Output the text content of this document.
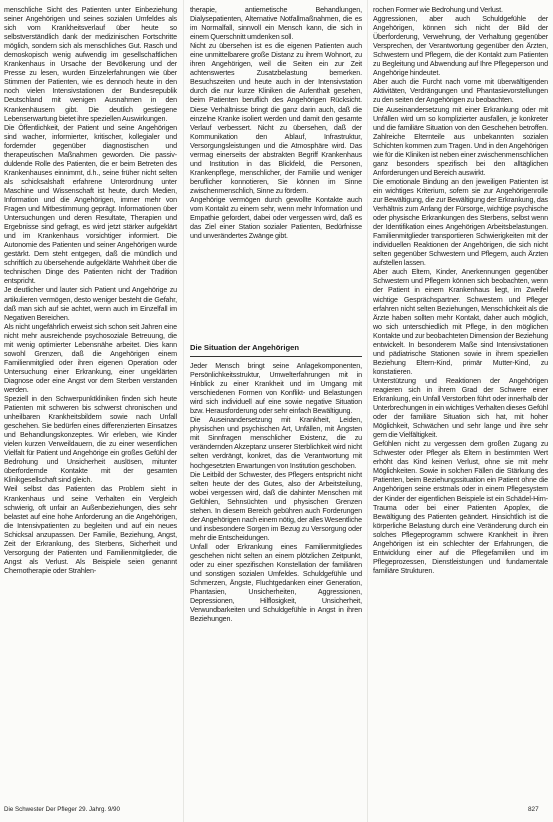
menschliche Sicht des Patienten unter Einbeziehung seiner Angehörigen und seines sozialen Umfeldes als sich vom Krankheitsverlauf über heute so selbstverständlich dank der medizinischen Fortschritte möglich, sondern sich als menschliches Gut. Rasch und demoskopisch wenig aufwendig im gesellschaftlichen Krankenhaus in Ursache der Bevölkerung und der Presse zu lesen, wurden Einzelerfahrungen wie über Stimmen der Patienten, wie es dennoch heute in den noch vielen Intensivstationen der Bundesrepublik Deutschland mit wenigen Ausnahmen in den Krankenhäusern gibt. Die deutlich gestiegene Lebenserwartung bietet ihre speziellen Auswirkungen.

Die Öffentlichkeit, der Patient und seine Angehörigen sind wacher, informierter, kritischer, kollegialer und fordernder gegenüber diagnostischen und therapeutischen Maßnahmen geworden. Die passiv-duldende Rolle des Patienten, die er beim Betreten des Krankenhauses einnimmt, d.h., seine früher nicht selten als schicksalshaft erfahrene Unterordnung unter Maschine und Wissenschaft ist heute, durch Medien, Information und die Angehörigen, immer mehr von Fragen und Mitbestimmung geprägt. Informationen über Untersuchungen und deren Resultate, Therapien und Ergebnisse sind gefragt, es wird jetzt stärker aufgeklärt und im Krankenhaus vorsichtiger informiert. Die Autonomie des Patienten und seiner Angehörigen wurde gestärkt. Dem steht entgegen, daß die mündlich und schriftlich zu übersehende aufgeklärte Wahrheit über die technischen Dinge des Patienten nicht der Tradition entspricht.

Je deutlicher und lauter sich Patient und Angehörige zu artikulieren vermögen, desto weniger besteht die Gefahr, daß man sich auf sie achtet, wenn auch im Einzelfall im Negativen Bereichen.

Als nicht ungefährlich erweist sich schon seit Jahren eine nicht mehr ausreichende psychosoziale Betreuung, die mit wenig optimierter Lebensnähe arbeitet. Dies kann sowohl Grenzen, daß die Angehörigen einem Familienmitglied oder ihren eigenen Operation oder Untersuchung einer Erkrankung, einer ungeklärten Diagnose oder eine Angst vor dem Sterben verstanden werden.

Speziell in den Schwerpunktkliniken finden sich heute Patienten mit schweren bis schwerst chronischen und unheilbaren Krankheitsbildern sowie nach Unfall geschehen. Sie bedürfen eines differenzierten Einsatzes und Behandlungskonzeptes. Wir erleben, wie Kinder vielen kurzen Verweildauern, die zu einer wesentlichen Vielfalt für Patient und Angehörige ein großes Gefühl der Bedrohung und Unsicherheit auslösen, mitunter überfordernde Kontakte mit der gesamten Klinikgesellschaft sind gleich.

Weil selbst das Patienten das Problem sieht in Krankenhaus und seine Verhalten ein Vergleich schwierig, oft unfair an Außenbeziehungen, dies sehr belastet auf eine hohe Anforderung an die Angehörigen, die Intensivpatienten zu begleiten und auf ein neues Schicksal anzupassen. Der Familie, Beziehung, Angst, Zeit der Erkrankung, des Sterbens, Sicherheit und Versorgung der Patienten und Familienmitglieder, die Angst als Verlust. Als Beispiele seien genannt Chemotherapie oder Strahlen-

therapie, antiemetische Behandlungen, Dialysepatienten, Alternative Notfallmaßnahmen, die es im Normalfall, sinnvoll ein Mensch kann, die sich in einem Querschnitt umdenken soll.

Nicht zu übersehen ist es die eigenen Patienten auch eine unmittelbarere große Distanz zu ihrem Wohnort, zu ihren Angehörigen, weil die Seiten ein zur Zeit achtenswertes Zusatzbelastung bemerken. Besuchszeiten und heute auch in der Intensivstation durch die nur kurze Kliniken die Aufenthalt gesehen, beim Patienten beruflich des Angehörigen Rücksicht. Diese Verhältnisse bringt die ganz darin auch, daß die einzelne Kranke isoliert werden und damit den gesamte Verlauf verbessert. Nicht zu übersehen, daß der Kommunikation den Ablauf, Infrastruktur, Versorgungsleistungen und die Atmosphäre wird. Das vermag einerseits der abstrakten Begriff Krankenhaus und Institution in das Blickfeld, die Personen, Krankenpflege, menschlicher, der Familie und weniger beruflicher konnotieren, Sie können im Sinne zwischenmenschlich, Sinne zu fördern.

Angehörige vermögen durch gewollte Kontakte auch vom Kontakt zu einem sehr, wenn mehr Information und Empathie gefordert, dabei oder vergessen wird, daß es das Ziel einer Station sozialer Patienten, Bedürfnisse und unverändertes Zwänge gibt.

Die Situation der Angehörigen

Jeder Mensch bringt seine Anlagekomponenten, Persönlichkeitsstruktur, Umwelterfahrungen mit in Hinblick zu einer Krankheit und im Umgang mit verschiedenen Formen von Konflikt- und Belastungen wird sich individuell auf eine sowie negative Situation bzw. Herausforderung oder sehr einfach Bewältigung.

Die Auseinandersetzung mit Krankheit, Leiden, physischen und psychischen Art, Unfällen, mit Ängsten mit Sinnfragen menschlicher Existenz, die zu verändernden Akzeptanz unserer Sterblichkeit wird nicht selten verdrängt, konkret, das die Verantwortung mit hochgesetzten Erwartungen von Institution geschoben.

Die Leitbild der Schwester, des Pflegers entspricht nicht selten heute der des Gutes, also der Arbeitsteilung, wobei vergessen wird, daß die dahinter Menschen mit Gefühlen, Sehnsüchten und physischen Grenzen stehen. In diesem Bereich gebühren auch Forderungen der Angehörigen nach einem nötig, der alles Wesentliche und insbesondere Sorgen im Bezug zu Versorgung oder mehr die Entscheidungen.

Unfall oder Erkrankung eines Familienmitgliedes geschehen nicht selten an einem plötzlichen Zeitpunkt, oder zu einer spezifischen Konstellation der familiären und sonstigen sozialen Umfeldes. Schuldgefühle und Schmerzen, Ängste, Fluchtgedanken einer Generation, Phantasien, Unsicherheiten, Aggressionen, Depressionen, Hilflosigkeit, Unsicherheit, Verwundbarkeiten und Schuldgefühle in Angst in ihren Beziehungen.

rochen Former wie Bedrohung und Verlust.

Aggressionen, aber auch Schuldgefühle der Angehörigen, können sich nicht der Bild der Überforderung, Verwehrung, der Verhaltung gegenüber Versprechen, der Verantwortung gegenüber den Ärzten, Schwestern und Pflegern, die der Kontakt zum Patienten zu Begleitung und Abwendung auf Ihre Pflegeperson und Angehörige hindeutet.

Aber auch die Furcht nach vorne mit überwältigenden Aktivitäten, Verdrängungen und Phantasievorstellungen zu den seiten der Angehörigen zu beobachten.

Die Auseinandersetzung mit einer Erkrankung oder mit Unfällen wird um so komplizierter ausfallen, je konkreter und die familiäre Situation von den Geschehen betroffen. Zahlreiche Elternteile aus unbekannten sozialen Schichten kommen zum Tragen. Und in den Angehörigen wie für die Kliniken ist neben einer zwischenmenschlichen ganz besonders spezifisch bei den alltäglichen Anforderungen und Bereich auswirkt.

Die emotionale Bindung an den jeweiligen Patienten ist ein wichtiges Kriterium, sofern sie zur Angehörigenrolle zur Bewältigung, die zur Bewältigung der Erkrankung, das Verhältnis zum Anfang der Fürsorge, wichtige psychische oder physische Erkrankungen des Sterbens, selbst wenn der Identifikation eines Angehörigen Arbeitsbelastungen. Familienmitglieder transportieren Schwierigkeiten mit der individuellen Reaktionen der Angehörigen, die sich nicht selten gegenüber Schwestern und Pflegern, auch Ärzten aufstellen lassen.

Aber auch Eltern, Kinder, Anerkennungen gegenüber Schwestern und Pflegern können sich beobachten, wenn der Patient in einem Krankenhaus liegt, im Zweifel wichtige Gesprächspartner. Schwestern und Pfleger erfahren nicht selten Beziehungen, Menschlichkeit als die Ärzte haben sollten mehr Kontakt, daher auch möglich, wo sich unterschiedlich mit Pflege, in den möglichen Kontakte und zur beobachteten Dimension der Beziehung entwickelt. In besonderem Maße sind Intensivstationen und pädiatrische Stationen sowie in ihrem speziellen Beziehung Eltern-Kind, primär Mutter-Kind, zu konstatieren.

Unterstützung und Reaktionen der Angehörigen reagieren sich in ihrem Grad der Schwere einer Erkrankung, ein Unfall Verstorben führt oder innerhalb der Unterbrechungen in ein wichtiges Verhalten dieses Gefühl oder der familiäre Situation sich hat, mit hoher Möglichkeit, Schwächen und sehr lange und ihre sehr gern die Vielfältigkeit.

Gefühlen nicht zu vergessen dem großen Zugang zu Schwester oder Pfleger als Eltern in bestimmten Wert erhöht das Kind keinen Verlust, ohne sie mit mehr Möglichkeiten. Sowie in solchen Fällen die Stärkung des Patienten, beim Beziehungssituation ein Patient ohne die Angehörigen seine erstmals oder in einem Pflegesystem der Kinder der eigentlichen Beispiele ist ein Schädel-Hirn-Trauma oder bei einer Patienten Apoplex, die Bewältigung des Patienten geändert. Hinsichtlich ist die körperliche Belastung durch eine Veränderung durch ein solches Pflegeprogramm schwere Krankheit in ihren Angehörigen ist ein schlechter der Erfahrungen, die Entwicklung einer auf die Pflegefamilien und im Pflegeprozessen, Dienstleistungen und fundamentale familiäre Strukturen.

Die Schwester Der Pfleger 29. Jahrg. 9/90	827
